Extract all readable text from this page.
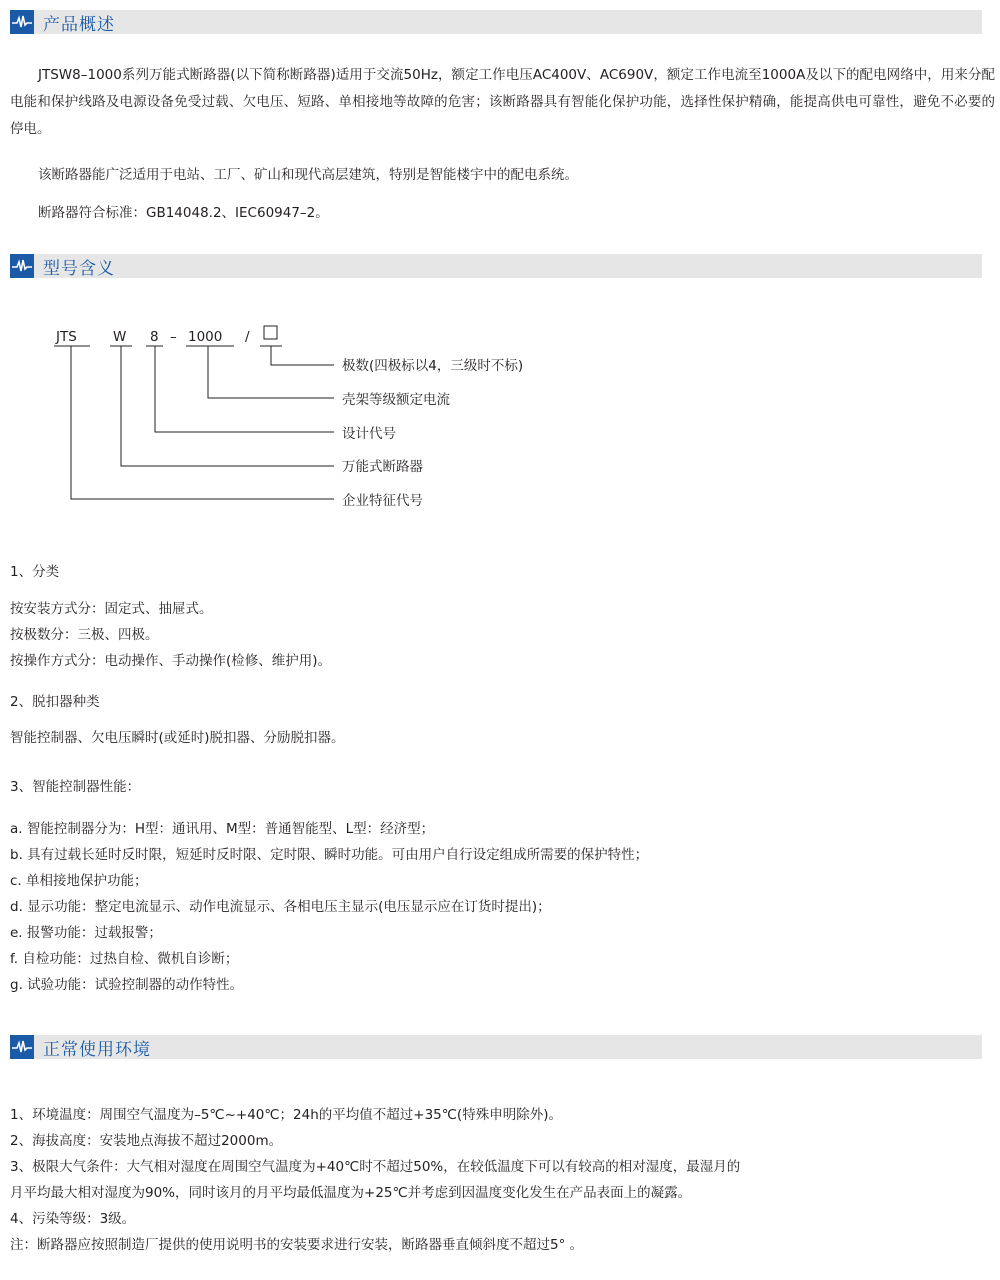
产品概述
JTSW8–1000系列万能式断路器(以下简称断路器)适用于交流50Hz，额定工作电压AC400V、AC690V，额定工作电流至1000A及以下的配电网络中，用来分配电能和保护线路及电源设备免受过载、欠电压、短路、单相接地等故障的危害；该断路器具有智能化保护功能，选择性保护精确，能提高供电可靠性，避免不必要的停电。
该断路器能广泛适用于电站、工厂、矿山和现代高层建筑，特别是智能楼宇中的配电系统。
断路器符合标准：GB14048.2、IEC60947–2。
型号含义
JTS	W 8 – 1000 /
极数(四极标以4，三级时不标)
壳架等级额定电流
设计代号
万能式断路器
企业特征代号
1、分类
按安装方式分：固定式、抽屉式。
按极数分：三极、四极。
按操作方式分：电动操作、手动操作(检修、维护用)。
2、脱扣器种类
智能控制器、欠电压瞬时(或延时)脱扣器、分励脱扣器。
3、智能控制器性能：
a. 智能控制器分为：H型：通讯用、M型：普通智能型、L型：经济型；
b. 具有过载长延时反时限，短延时反时限、定时限、瞬时功能。可由用户自行设定组成所需要的保护特性；
c. 单相接地保护功能；
d. 显示功能：整定电流显示、动作电流显示、各相电压主显示(电压显示应在订货时提出)；
e. 报警功能：过载报警；
f. 自检功能：过热自检、微机自诊断；
g. 试验功能：试验控制器的动作特性。
正常使用环境
1、环境温度：周围空气温度为–5℃~+40℃；24h的平均值不超过+35℃(特殊申明除外)。
2、海拔高度：安装地点海拔不超过2000m。
3、极限大气条件：大气相对湿度在周围空气温度为+40℃时不超过50%，在较低温度下可以有较高的相对湿度，最湿月的
月平均最大相对湿度为90%，同时该月的月平均最低温度为+25℃并考虑到因温度变化发生在产品表面上的凝露。
4、污染等级：3级。
注：断路器应按照制造厂提供的使用说明书的安装要求进行安装，断路器垂直倾斜度不超过5° 。
